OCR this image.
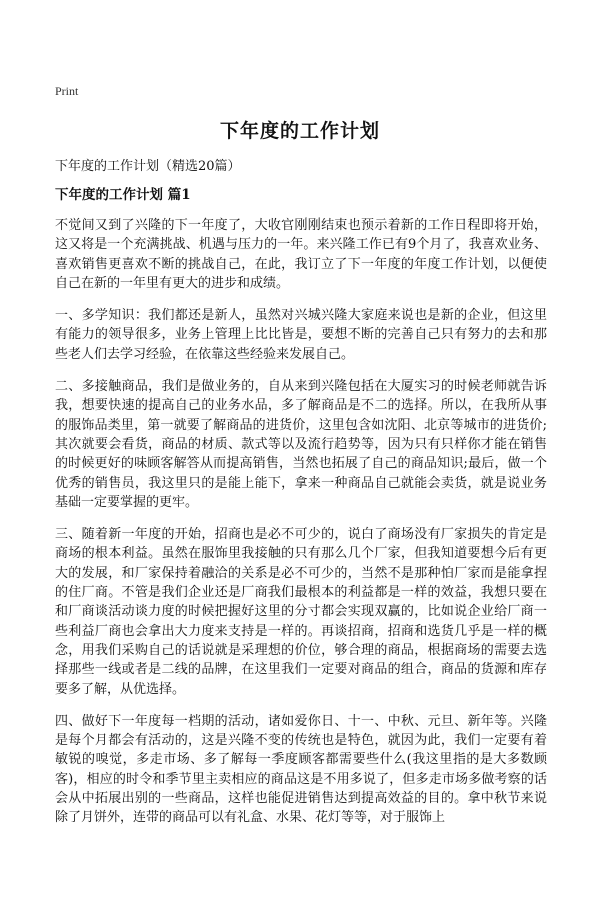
Print
下年度的工作计划
下年度的工作计划（精选20篇）
下年度的工作计划 篇1

不觉间又到了兴隆的下一年度了，大收官刚刚结束也预示着新的工作日程即将开始，这又将是一个充满挑战、机遇与压力的一年。来兴隆工作已有9个月了，我喜欢业务、喜欢销售更喜欢不断的挑战自己，在此，我订立了下一年度的年度工作计划，以便使自己在新的一年里有更大的进步和成绩。

一、多学知识：我们都还是新人，虽然对兴城兴隆大家庭来说也是新的企业，但这里有能力的领导很多，业务上管理上比比皆是，要想不断的完善自己只有努力的去和那些老人们去学习经验，在依靠这些经验来发展自己。

二、多接触商品，我们是做业务的，自从来到兴隆包括在大厦实习的时候老师就告诉我，想要快速的提高自己的业务水品，多了解商品是不二的选择。所以，在我所从事的服饰品类里，第一就要了解商品的进货价，这里包含如沈阳、北京等城市的进货价;其次就要会看货，商品的材质、款式等以及流行趋势等，因为只有只样你才能在销售的时候更好的味顾客解答从而提高销售，当然也拓展了自己的商品知识;最后，做一个优秀的销售员，我这里只的是能上能下，拿来一种商品自己就能会卖货，就是说业务基础一定要掌握的更牢。

三、随着新一年度的开始，招商也是必不可少的，说白了商场没有厂家损失的肯定是商场的根本利益。虽然在服饰里我接触的只有那么几个厂家，但我知道要想今后有更大的发展，和厂家保持着融洽的关系是必不可少的，当然不是那种怕厂家而是能拿捏的住厂商。不管是我们企业还是厂商我们最根本的利益都是一样的效益，我想只要在和厂商谈活动谈力度的时候把握好这里的分寸都会实现双赢的，比如说企业给厂商一些利益厂商也会拿出大力度来支持是一样的。再谈招商，招商和选货几乎是一样的概念，用我们采购自己的话说就是采理想的价位，够合理的商品，根据商场的需要去选择那些一线或者是二线的品牌，在这里我们一定要对商品的组合，商品的货源和库存要多了解，从优选择。

四、做好下一年度每一档期的活动，诸如爱你日、十一、中秋、元旦、新年等。兴隆是每个月都会有活动的，这是兴隆不变的传统也是特色，就因为此，我们一定要有着敏锐的嗅觉，多走市场、多了解每一季度顾客都需要些什么(我这里指的是大多数顾客)，相应的时令和季节里主卖相应的商品这是不用多说了，但多走市场多做考察的话会从中拓展出别的一些商品，这样也能促进销售达到提高效益的目的。拿中秋节来说除了月饼外，连带的商品可以有礼盒、水果、花灯等等，对于服饰上
